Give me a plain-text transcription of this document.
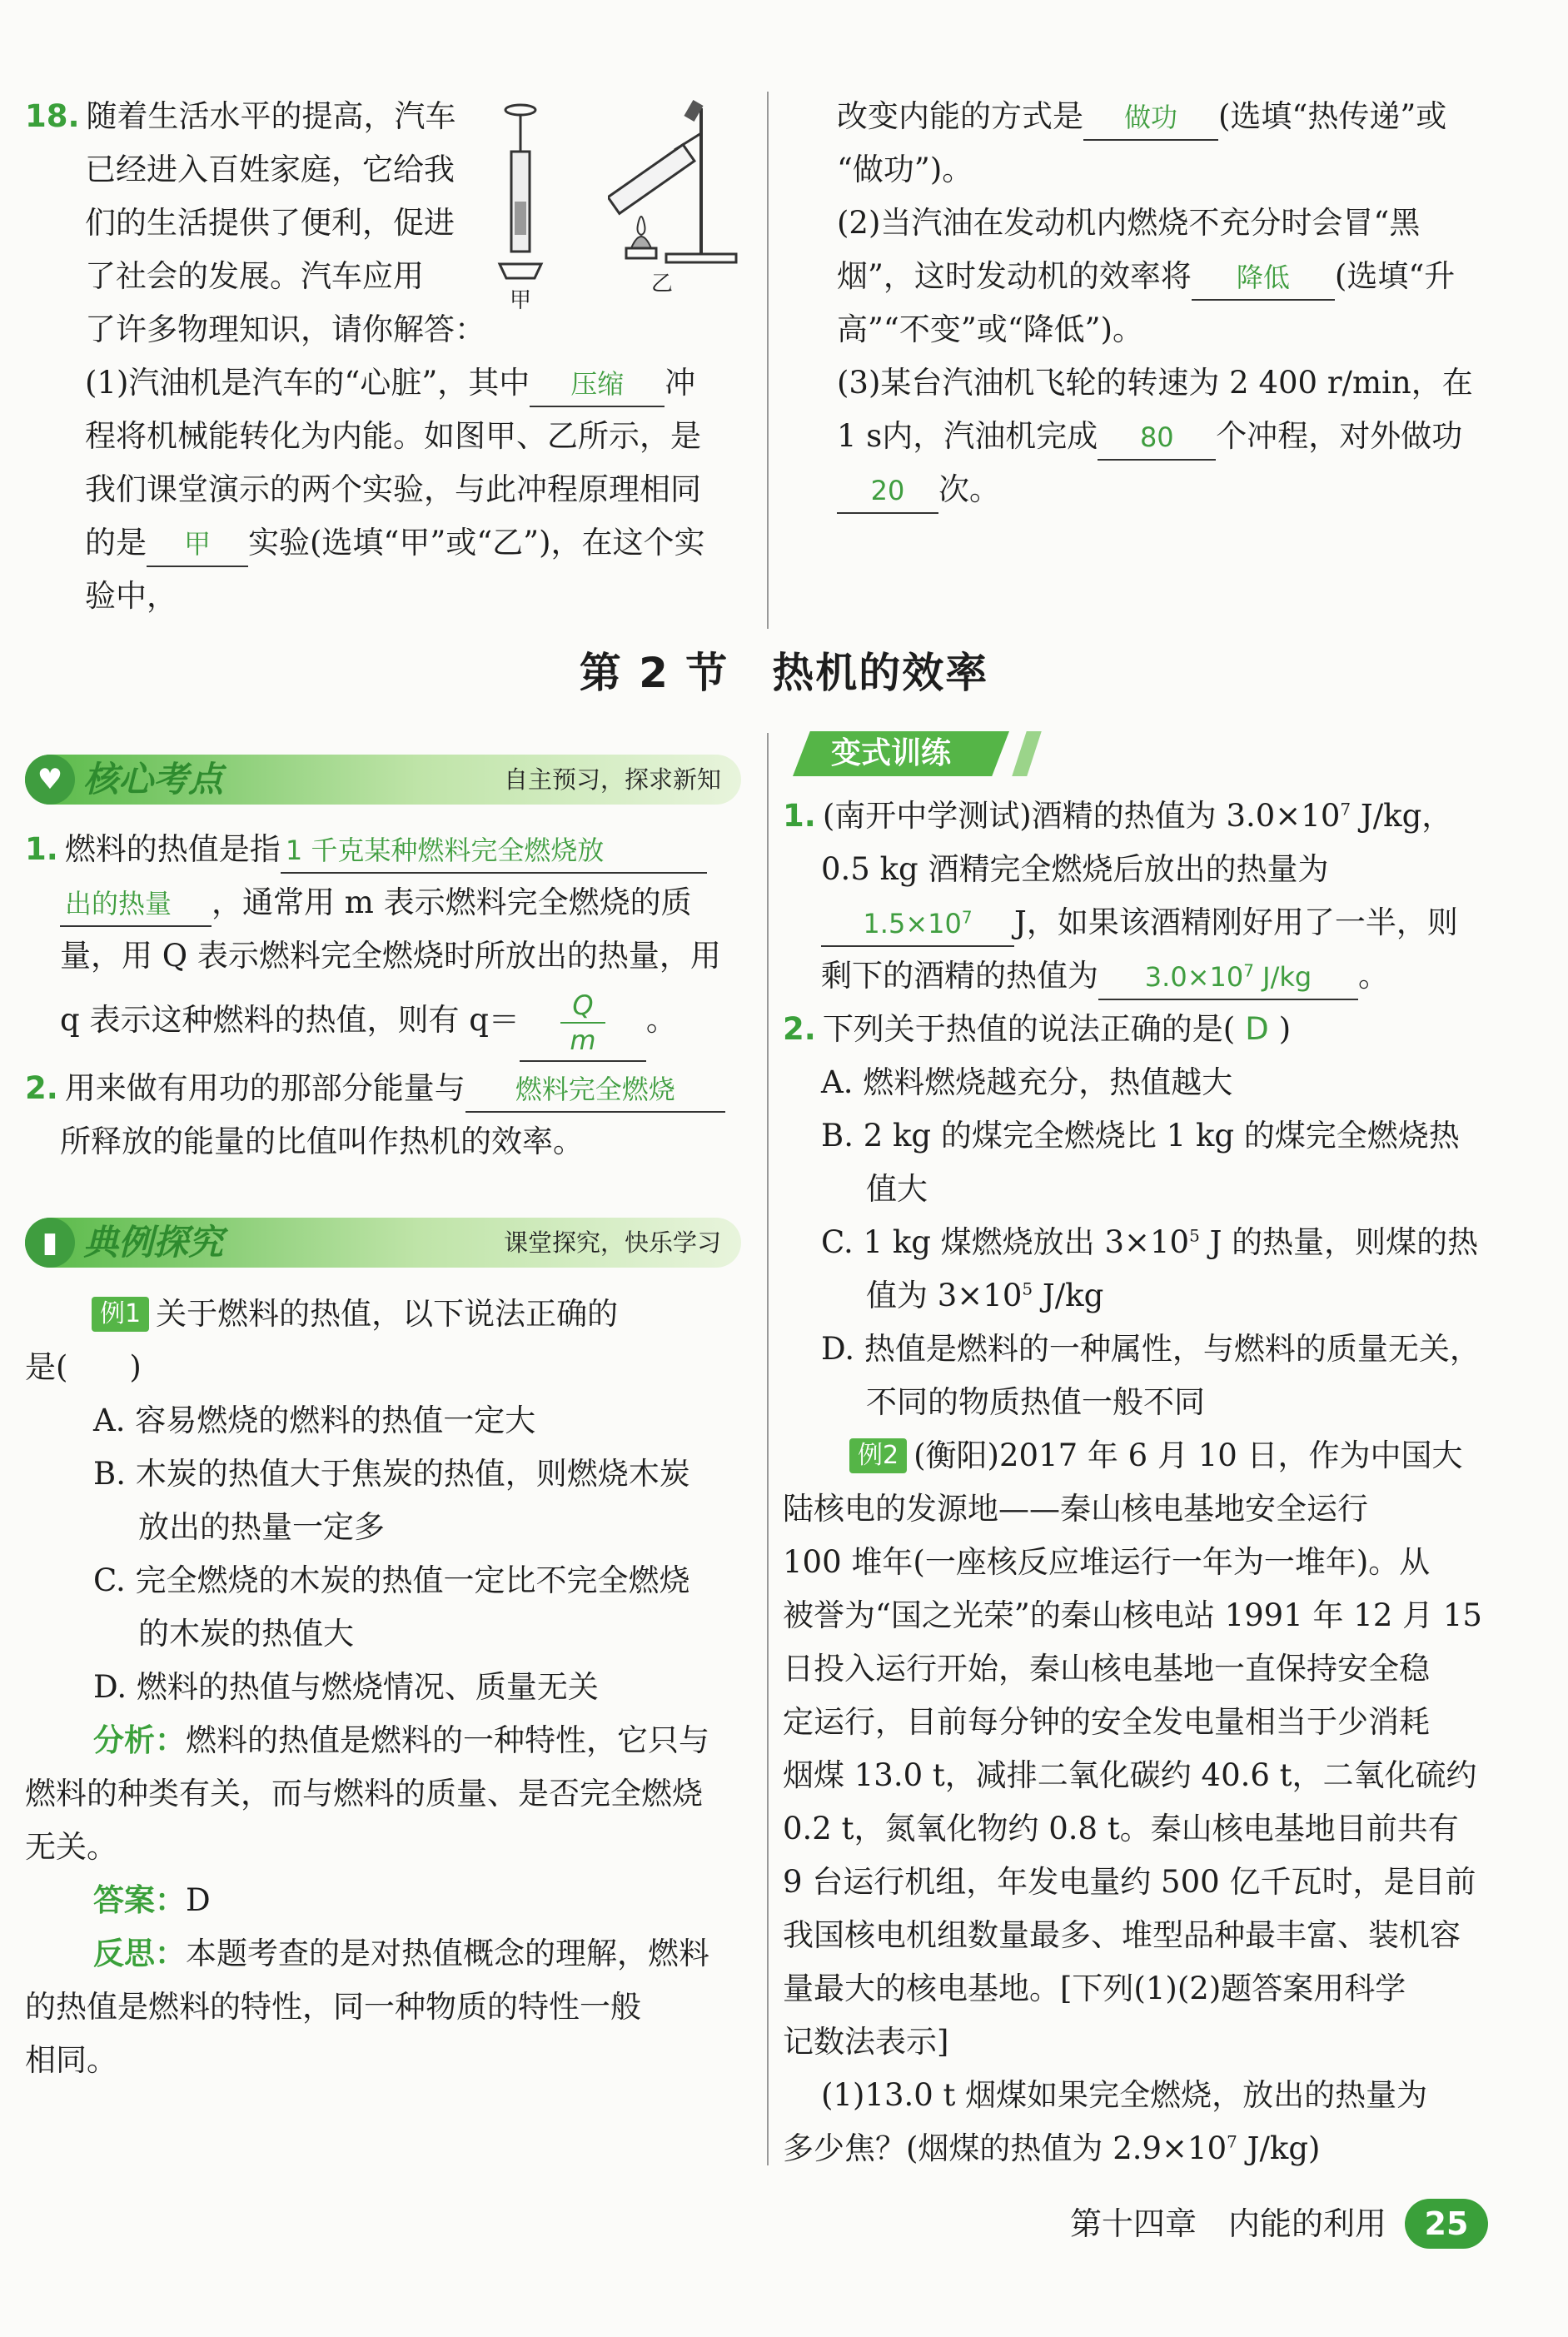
18. 随着生活水平的提高，汽车
已经进入百姓家庭，它给我
们的生活提供了便利，促进
了社会的发展。汽车应用
了许多物理知识，请你解答：
(1)汽油机是汽车的“心脏”，其中 压缩 冲
程将机械能转化为内能。如图甲、乙所示，是
我们课堂演示的两个实验，与此冲程原理相同
的是 甲 实验(选填“甲”或“乙”)，在这个实
验中，
甲
乙
改变内能的方式是 做功 (选填“热传递”或
“做功”)。
(2)当汽油在发动机内燃烧不充分时会冒“黑
烟”，这时发动机的效率将 降低 (选填“升
高”“不变”或“降低”)。
(3)某台汽油机飞轮的转速为 2 400 r/min，在
1 s内，汽油机完成 80 个冲程，对外做功
20 次。
第 2 节 热机的效率
♥ 核心考点	自主预习，探求新知
1. 燃料的热值是指 1 千克某种燃料完全燃烧放
出的热量 ，通常用 m 表示燃料完全燃烧的质
量，用 Q 表示燃料完全燃烧时所放出的热量，用
q 表示这种燃料的热值，则有 $q= \frac{Q}{m}$ 。
2. 用来做有用功的那部分能量与 燃料完全燃烧
所释放的能量的比值叫作热机的效率。
▮ 典例探究	课堂探究，快乐学习
例1 关于燃料的热值，以下说法正确的
是(　　)
A. 容易燃烧的燃料的热值一定大
B. 木炭的热值大于焦炭的热值，则燃烧木炭
放出的热量一定多
C. 完全燃烧的木炭的热值一定比不完全燃烧
的木炭的热值大
D. 燃料的热值与燃烧情况、质量无关
分析：燃料的热值是燃料的一种特性，它只与
燃料的种类有关，而与燃料的质量、是否完全燃烧
无关。
答案：D
反思：本题考查的是对热值概念的理解，燃料
的热值是燃料的特性，同一种物质的特性一般
相同。
变式训练
1. (南开中学测试)酒精的热值为 $3.0\times 10^7$ J/kg，
0.5 kg 酒精完全燃烧后放出的热量为
$1.5\times 10^7$ J，如果该酒精刚好用了一半，则
剩下的酒精的热值为 $3.0\times 10^7$ J/kg 。
2. 下列关于热值的说法正确的是( D )
A. 燃料燃烧越充分，热值越大
B. 2 kg 的煤完全燃烧比 1 kg 的煤完全燃烧热
值大
C. 1 kg 煤燃烧放出 $3\times 10^5$ J 的热量，则煤的热
值为 $3\times 10^5$ J/kg
D. 热值是燃料的一种属性，与燃料的质量无关，
不同的物质热值一般不同
例2 (衡阳)2017 年 6 月 10 日，作为中国大
陆核电的发源地——秦山核电基地安全运行
100 堆年(一座核反应堆运行一年为一堆年)。从
被誉为“国之光荣”的秦山核电站 1991 年 12 月 15
日投入运行开始，秦山核电基地一直保持安全稳
定运行，目前每分钟的安全发电量相当于少消耗
烟煤 13.0 t，减排二氧化碳约 40.6 t，二氧化硫约
0.2 t，氮氧化物约 0.8 t。秦山核电基地目前共有
9 台运行机组，年发电量约 500 亿千瓦时，是目前
我国核电机组数量最多、堆型品种最丰富、装机容
量最大的核电基地。[下列(1)(2)题答案用科学
记数法表示]
(1)13.0 t 烟煤如果完全燃烧，放出的热量为
多少焦？(烟煤的热值为 $2.9\times 10^7$ J/kg)
第十四章　内能的利用 25
